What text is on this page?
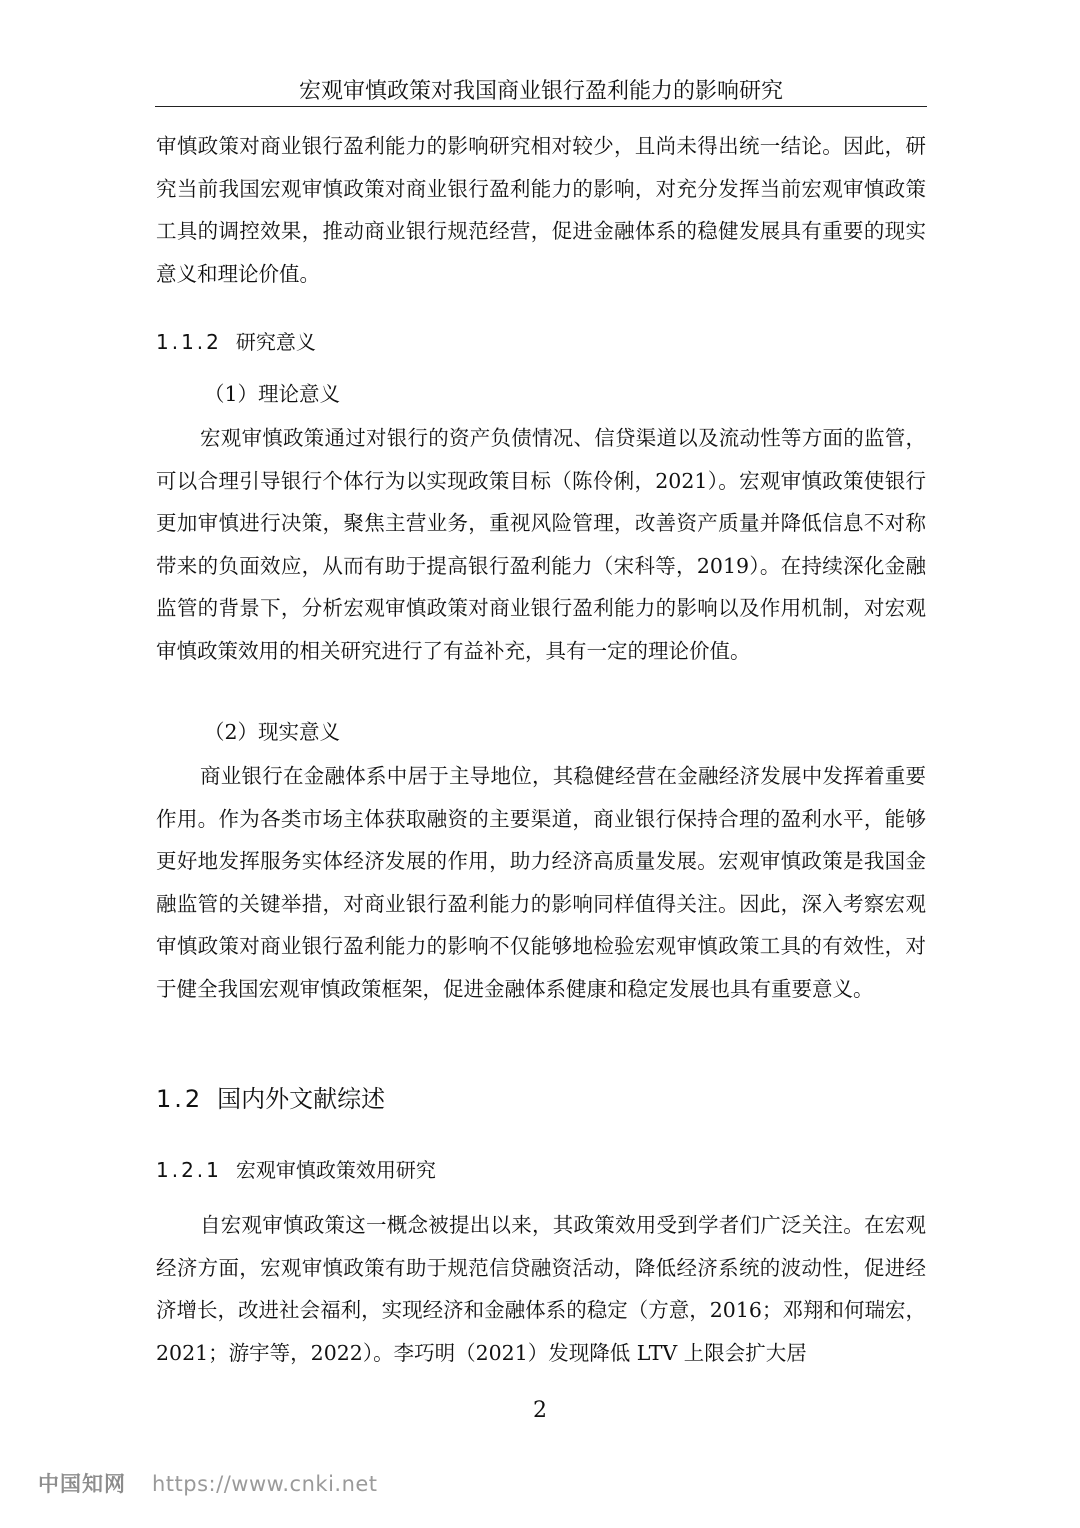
宏观审慎政策对我国商业银行盈利能力的影响研究
审慎政策对商业银行盈利能力的影响研究相对较少，且尚未得出统一结论。因此，研究当前我国宏观审慎政策对商业银行盈利能力的影响，对充分发挥当前宏观审慎政策工具的调控效果，推动商业银行规范经营，促进金融体系的稳健发展具有重要的现实意义和理论价值。
1.1.2 研究意义
（1）理论意义
宏观审慎政策通过对银行的资产负债情况、信贷渠道以及流动性等方面的监管，可以合理引导银行个体行为以实现政策目标（陈伶俐，2021）。宏观审慎政策使银行更加审慎进行决策，聚焦主营业务，重视风险管理，改善资产质量并降低信息不对称带来的负面效应，从而有助于提高银行盈利能力（宋科等，2019）。在持续深化金融监管的背景下，分析宏观审慎政策对商业银行盈利能力的影响以及作用机制，对宏观审慎政策效用的相关研究进行了有益补充，具有一定的理论价值。
（2）现实意义
商业银行在金融体系中居于主导地位，其稳健经营在金融经济发展中发挥着重要作用。作为各类市场主体获取融资的主要渠道，商业银行保持合理的盈利水平，能够更好地发挥服务实体经济发展的作用，助力经济高质量发展。宏观审慎政策是我国金融监管的关键举措，对商业银行盈利能力的影响同样值得关注。因此，深入考察宏观审慎政策对商业银行盈利能力的影响不仅能够地检验宏观审慎政策工具的有效性，对于健全我国宏观审慎政策框架，促进金融体系健康和稳定发展也具有重要意义。
1.2 国内外文献综述
1.2.1 宏观审慎政策效用研究
自宏观审慎政策这一概念被提出以来，其政策效用受到学者们广泛关注。在宏观经济方面，宏观审慎政策有助于规范信贷融资活动，降低经济系统的波动性，促进经济增长，改进社会福利，实现经济和金融体系的稳定（方意，2016；邓翔和何瑞宏，2021；游宇等，2022）。李巧明（2021）发现降低 LTV 上限会扩大居
2
中国知网 https://www.cnki.net
